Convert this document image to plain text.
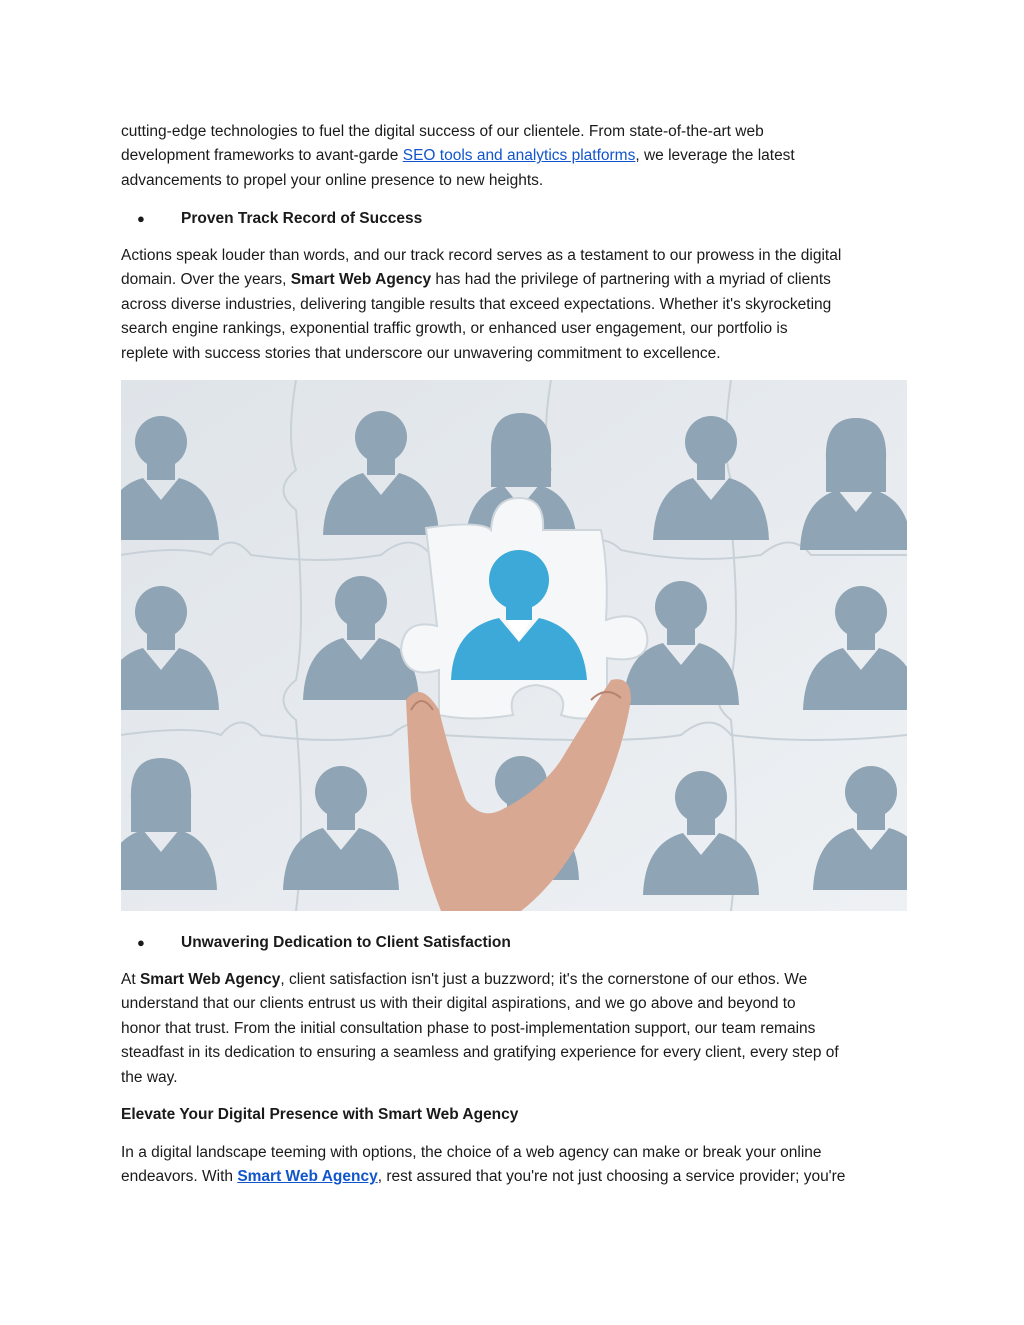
cutting-edge technologies to fuel the digital success of our clientele. From state-of-the-art web

development frameworks to avant-garde SEO tools and analytics platforms, we leverage the latest

advancements to propel your online presence to new heights.

●	Proven Track Record of Success

Actions speak louder than words, and our track record serves as a testament to our prowess in the digital

domain. Over the years, Smart Web Agency has had the privilege of partnering with a myriad of clients

across diverse industries, delivering tangible results that exceed expectations. Whether it's skyrocketing

search engine rankings, exponential traffic growth, or enhanced user engagement, our portfolio is

replete with success stories that underscore our unwavering commitment to excellence.

●	Unwavering Dedication to Client Satisfaction

At Smart Web Agency, client satisfaction isn't just a buzzword; it's the cornerstone of our ethos. We

understand that our clients entrust us with their digital aspirations, and we go above and beyond to

honor that trust. From the initial consultation phase to post-implementation support, our team remains

steadfast in its dedication to ensuring a seamless and gratifying experience for every client, every step of

the way.

Elevate Your Digital Presence with Smart Web Agency

In a digital landscape teeming with options, the choice of a web agency can make or break your online

endeavors. With Smart Web Agency, rest assured that you're not just choosing a service provider; you're
